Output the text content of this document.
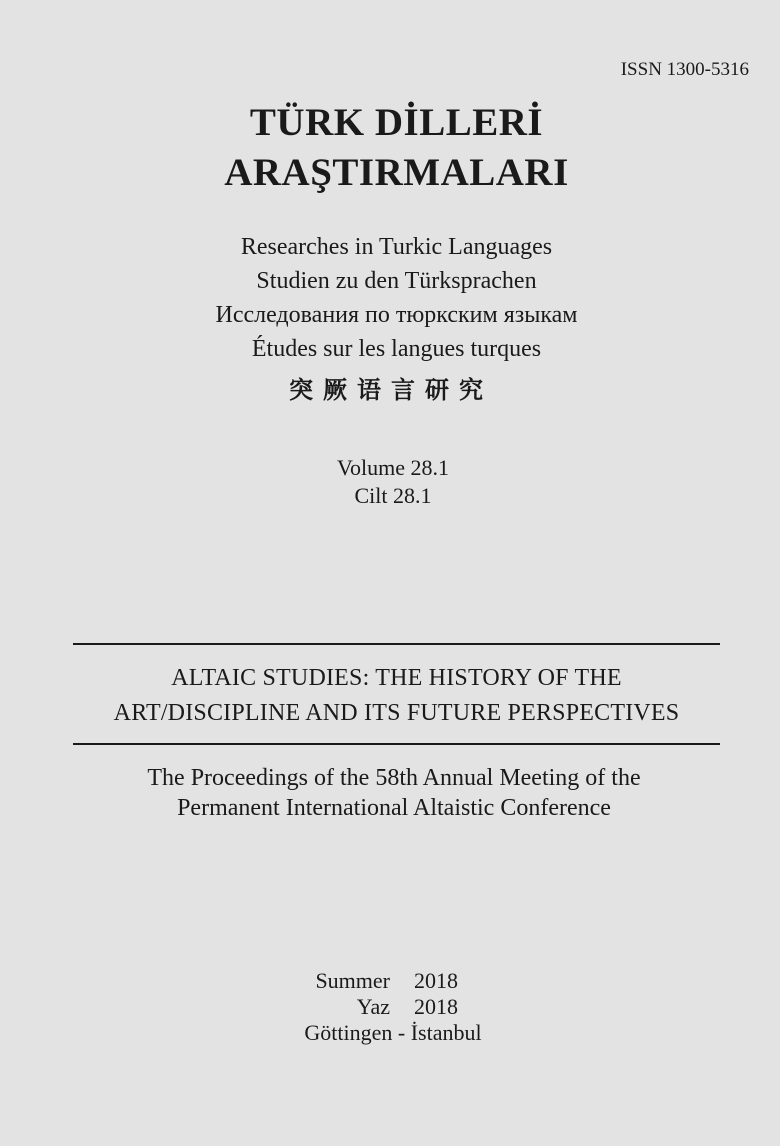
ISSN 1300-5316
TÜRK DİLLERİ
ARAŞTIRMALARI
Researches in Turkic Languages
Studien zu den Türksprachen
Исследования по тюркским языкам
Études sur les langues turques
突厥语言研究
Volume 28.1
Cilt 28.1
ALTAIC STUDIES: THE HISTORY OF THE
ART/DISCIPLINE AND ITS FUTURE PERSPECTIVES
The Proceedings of the 58th Annual Meeting of the
Permanent International Altaistic Conference
Summer 2018
Yaz 2018
Göttingen - İstanbul
